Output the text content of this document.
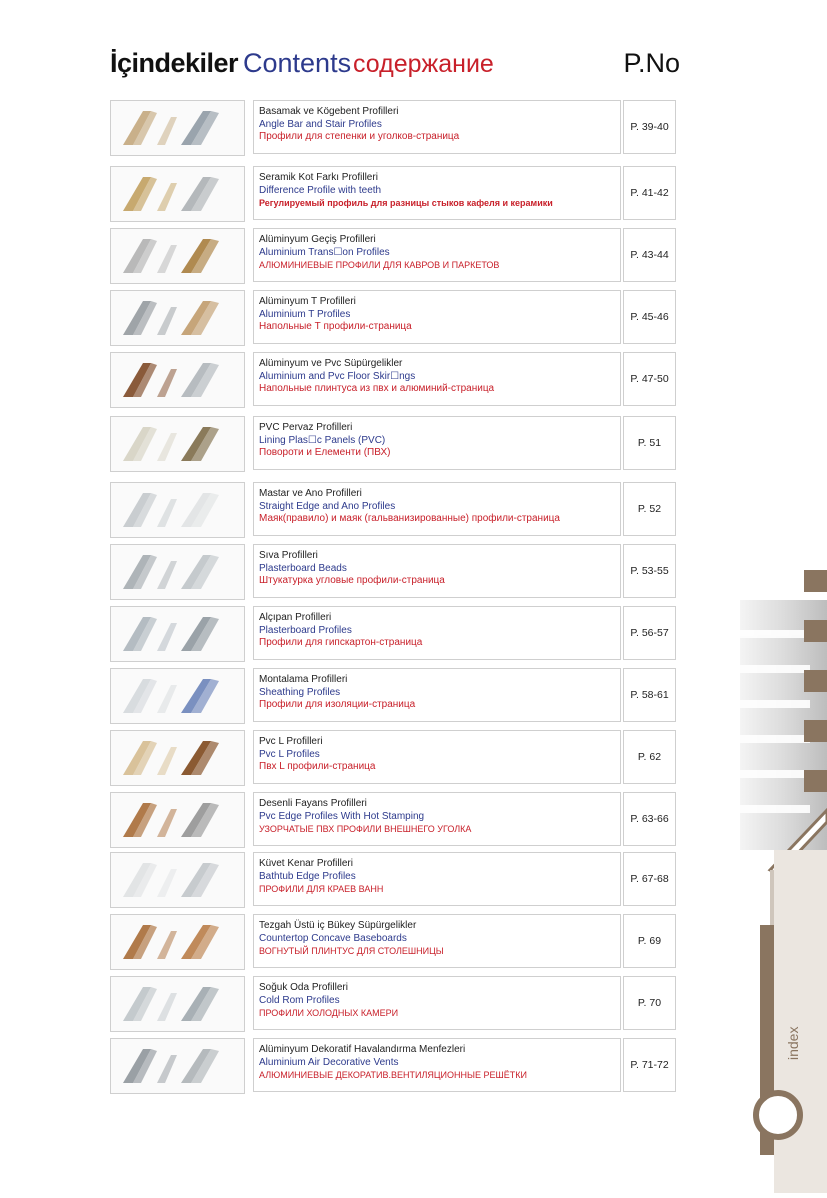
İçindekiler Contents содержание	P.No
Basamak ve Kögebent Profilleri
Angle Bar and Stair Profiles
Профили для степенки и уголков-страница
P. 39-40
Seramik Kot Farkı Profilleri
Difference Profile with teeth
Регулируемый профиль для разницы стыков кафеля и керамики
P. 41-42
Alüminyum Geçiş Profilleri
Aluminium Trans☐on Profiles
АЛЮМИНИЕВЫЕ ПРОФИЛИ ДЛЯ КАВРОВ И ПАРКЕТОВ
P. 43-44
Alüminyum T Profilleri
Aluminium T Profiles
Напольные Т профили-страница
P. 45-46
Alüminyum ve Pvc Süpürgelikler
Aluminium and Pvc Floor Skir☐ngs
Напольные плинтуса из пвх и алюминий-страница
P. 47-50
PVC Pervaz Profilleri
Lining Plas☐c Panels (PVC)
Повороти и Елементи (ПВХ)
P. 51
Mastar ve Ano Profilleri
Straight Edge and Ano Profiles
Маяк(правило) и маяк (гальванизированные) профили-страница
P. 52
Sıva Profilleri
Plasterboard Beads
Штукатурка угловые профили-страница
P. 53-55
Alçıpan Profilleri
Plasterboard Profiles
Профили для гипскартон-страница
P. 56-57
Montalama Profilleri
Sheathing Profiles
Профили для изоляции-страница
P. 58-61
Pvc L Profilleri
Pvc L Profiles
Пвх L профили-страница
P. 62
Desenli Fayans Profilleri
Pvc Edge Profiles With Hot Stamping
УЗОРЧАТЫЕ ПВХ ПРОФИЛИ ВНЕШНЕГО УГОЛКА
P. 63-66
Küvet Kenar Profilleri
Bathtub Edge Profiles
ПРОФИЛИ ДЛЯ КРАЕВ ВАНН
P. 67-68
Tezgah Üstü iç Bükey Süpürgelikler
Countertop Concave Baseboards
ВОГНУТЫЙ ПЛИНТУС ДЛЯ СТОЛЕШНИЦЫ
P. 69
Soğuk Oda Profilleri
Cold Rom Profiles
ПРОФИЛИ ХОЛОДНЫХ КАМЕРИ
P. 70
Alüminyum Dekoratif Havalandırma Menfezleri
Aluminium Air Decorative Vents
АЛЮМИНИЕВЫЕ ДЕКОРАТИВ.ВЕНТИЛЯЦИОННЫЕ РЕШЁТКИ
P. 71-72
index
